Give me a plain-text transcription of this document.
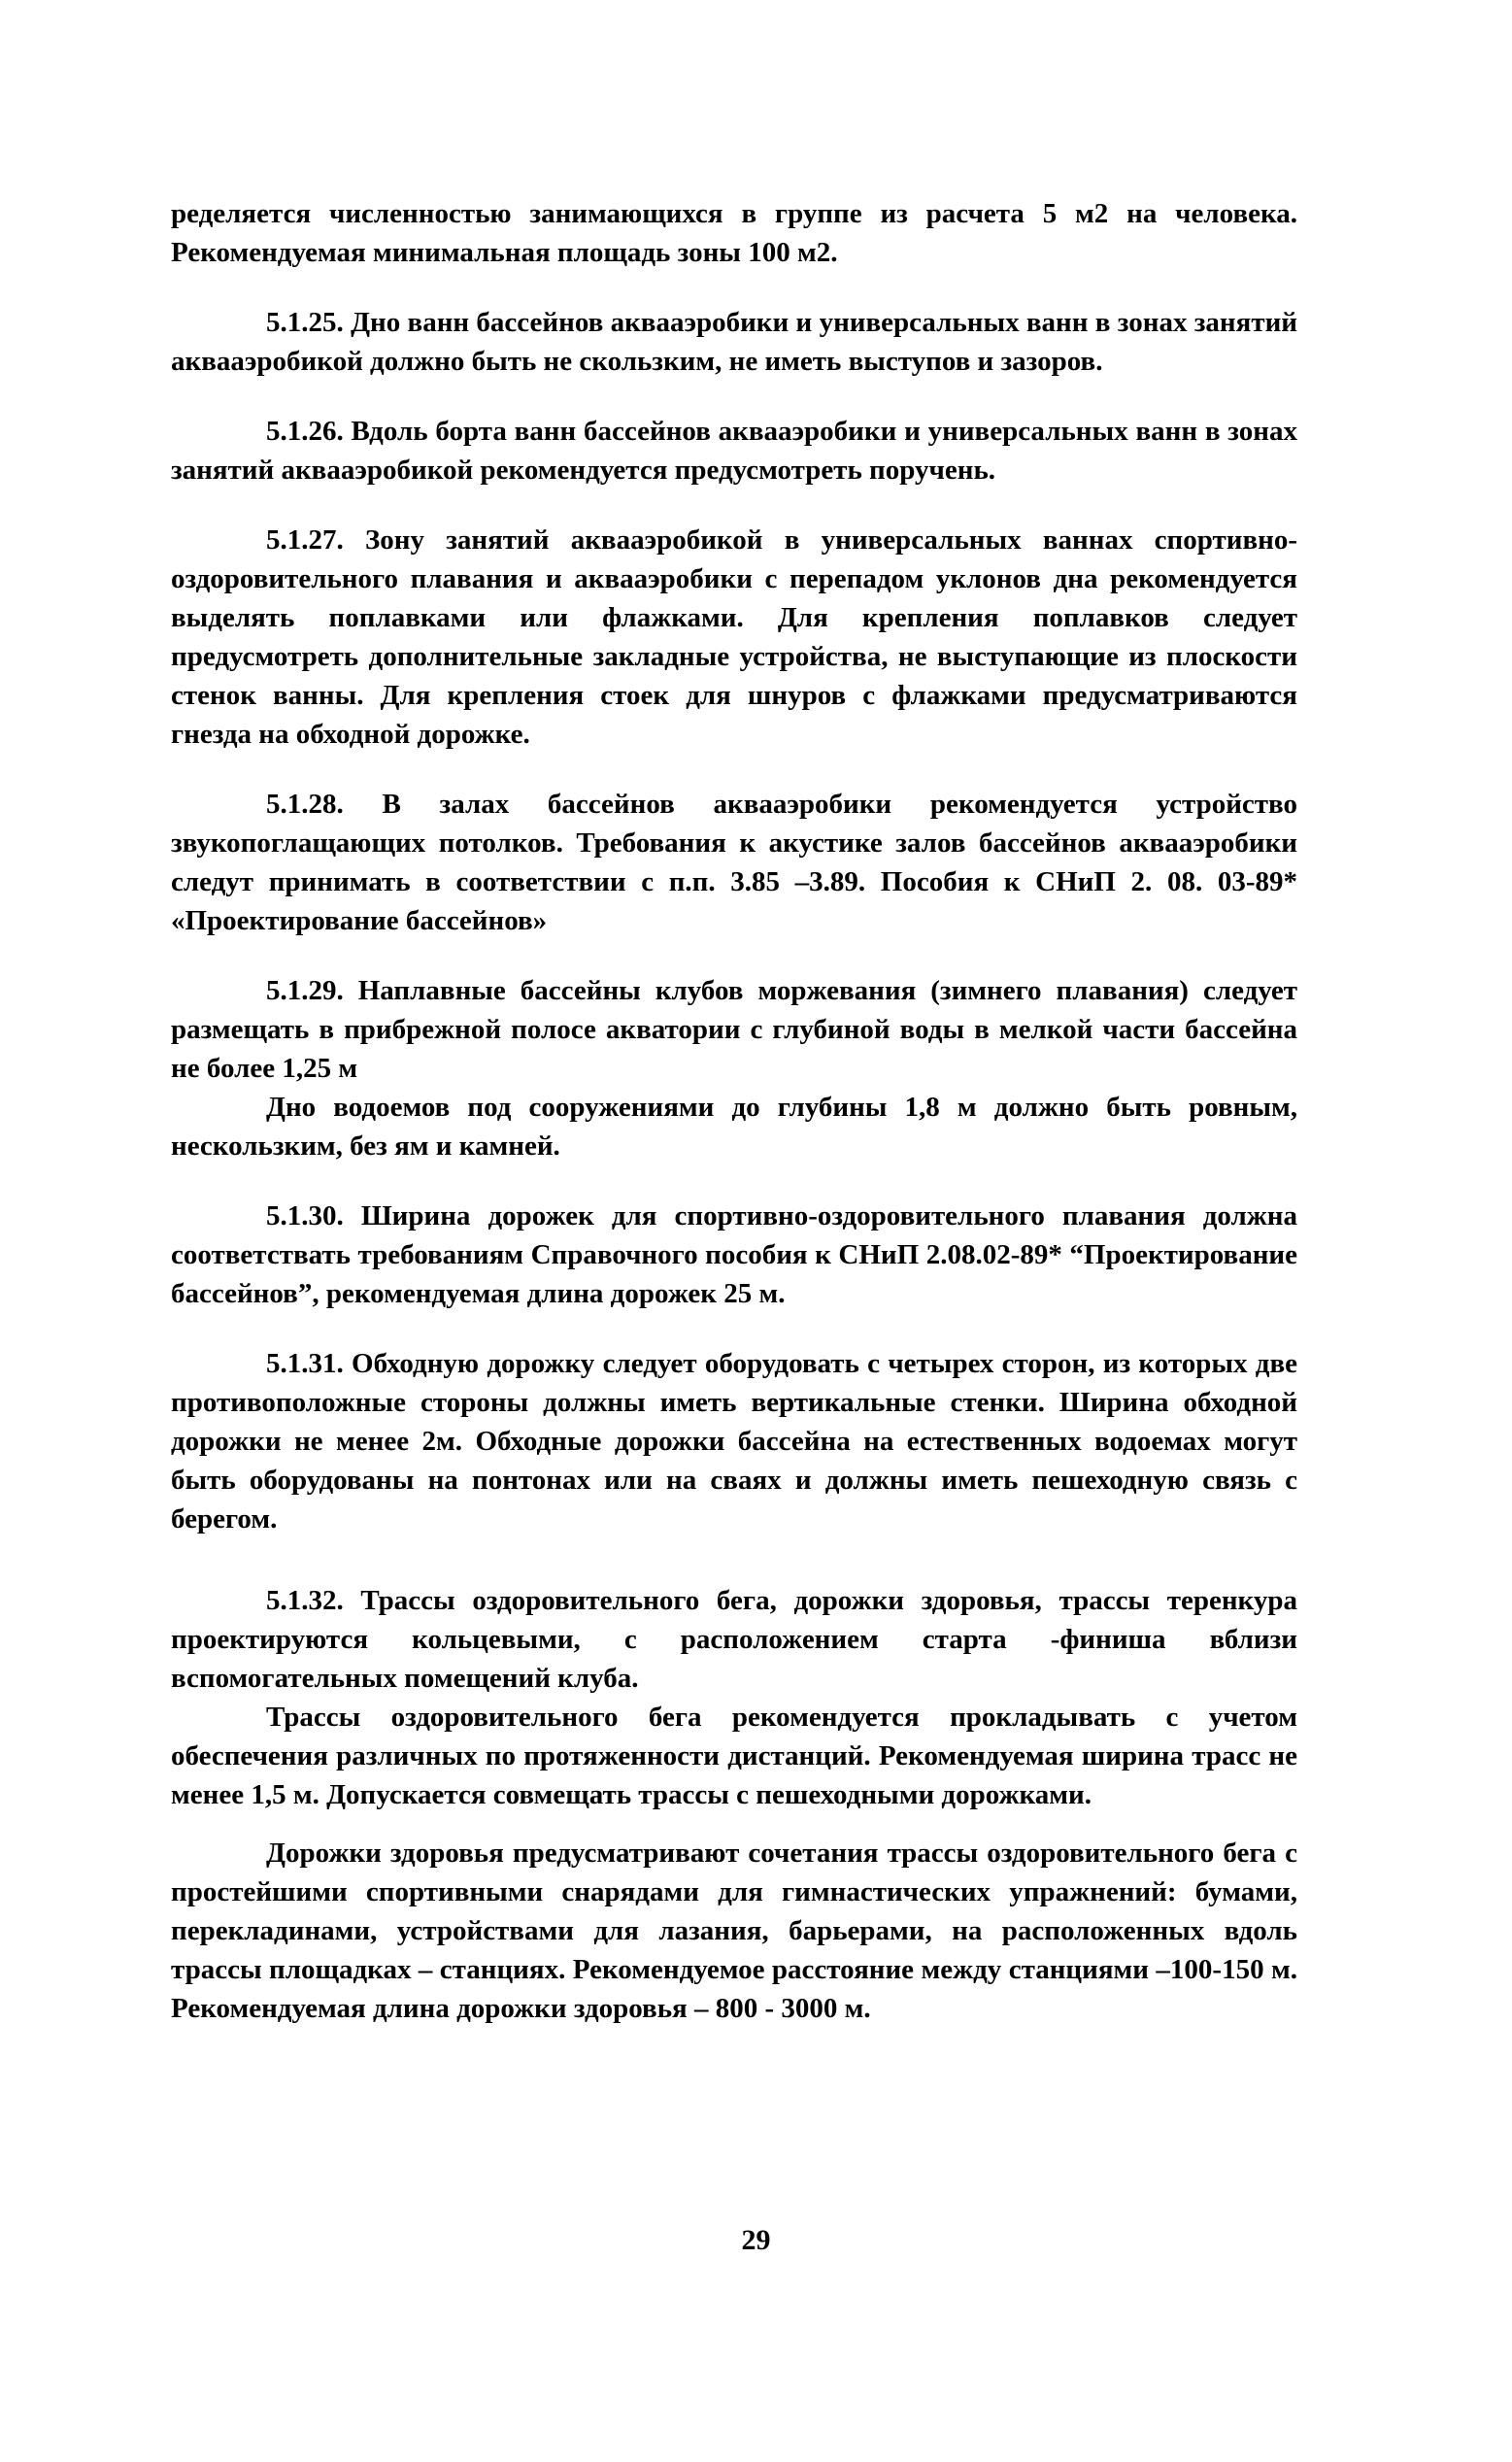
ределяется численностью занимающихся в группе из расчета 5 м2 на человека. Рекомендуемая минимальная площадь зоны 100 м2.

5.1.25. Дно ванн бассейнов аквааэробики и универсальных ванн в зонах занятий аквааэробикой должно быть не скользким, не иметь выступов и зазоров.

5.1.26. Вдоль борта ванн бассейнов аквааэробики и универсальных ванн в зонах занятий аквааэробикой рекомендуется предусмотреть поручень.

5.1.27. Зону занятий аквааэробикой в универсальных ваннах спортивно-оздоровительного плавания и аквааэробики с перепадом уклонов дна рекомендуется выделять поплавками или флажками. Для крепления поплавков следует предусмотреть дополнительные закладные устройства, не выступающие из плоскости стенок ванны. Для крепления стоек для шнуров с флажками предусматриваются гнезда на обходной дорожке.

5.1.28. В залах бассейнов аквааэробики рекомендуется устройство звукопоглащающих потолков. Требования к акустике залов бассейнов аквааэробики следут принимать в соответствии с п.п. 3.85 –3.89. Пособия к СНиП 2. 08. 03-89* «Проектирование бассейнов»

5.1.29. Наплавные бассейны клубов моржевания (зимнего плавания) следует размещать в прибрежной полосе акватории с глубиной воды в мелкой части бассейна не более 1,25 м

Дно водоемов под сооружениями до глубины 1,8 м должно быть ровным, нескользким, без ям и камней.

5.1.30. Ширина дорожек для спортивно-оздоровительного плавания должна соответствать требованиям Справочного пособия к СНиП 2.08.02-89* “Проектирование бассейнов”, рекомендуемая длина дорожек 25 м.

5.1.31. Обходную дорожку следует оборудовать с четырех сторон, из которых две противоположные стороны должны иметь вертикальные стенки. Ширина обходной дорожки не менее 2м. Обходные дорожки бассейна на естественных водоемах могут быть оборудованы на понтонах или на сваях и должны иметь пешеходную связь с берегом.

5.1.32. Трассы оздоровительного бега, дорожки здоровья, трассы теренкура проектируются кольцевыми, с расположением старта -финиша вблизи вспомогательных помещений клуба.

Трассы оздоровительного бега рекомендуется прокладывать с учетом обеспечения различных по протяженности дистанций. Рекомендуемая ширина трасс не менее 1,5 м. Допускается совмещать трассы с пешеходными дорожками.

Дорожки здоровья предусматривают сочетания трассы оздоровительного бега с простейшими спортивными снарядами для гимнастических упражнений: бумами, перекладинами, устройствами для лазания, барьерами, на расположенных вдоль трассы площадках – станциях. Рекомендуемое расстояние между станциями –100-150 м. Рекомендуемая длина дорожки здоровья – 800 - 3000 м.

29
